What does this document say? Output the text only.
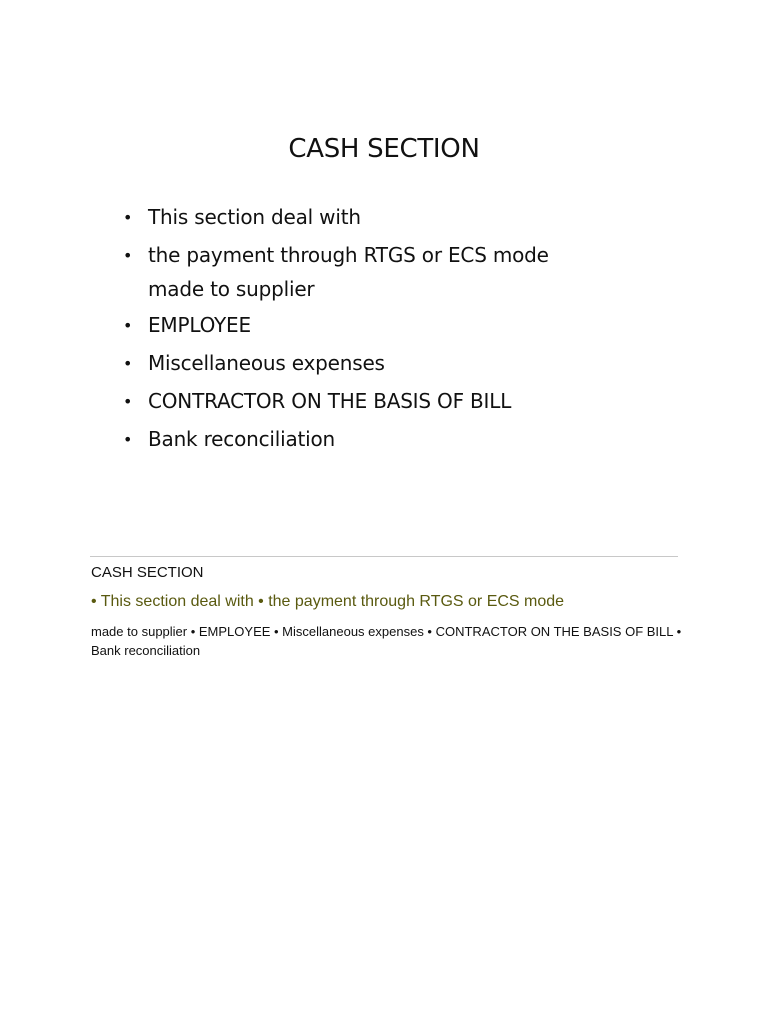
CASH SECTION
• This section deal with
• the payment through RTGS or ECS mode
made to supplier
• EMPLOYEE
• Miscellaneous expenses
• CONTRACTOR ON THE BASIS OF BILL
• Bank reconciliation
CASH SECTION
• This section deal with • the payment through RTGS or ECS mode
made to supplier • EMPLOYEE • Miscellaneous expenses • CONTRACTOR ON THE BASIS OF BILL • Bank reconciliation
